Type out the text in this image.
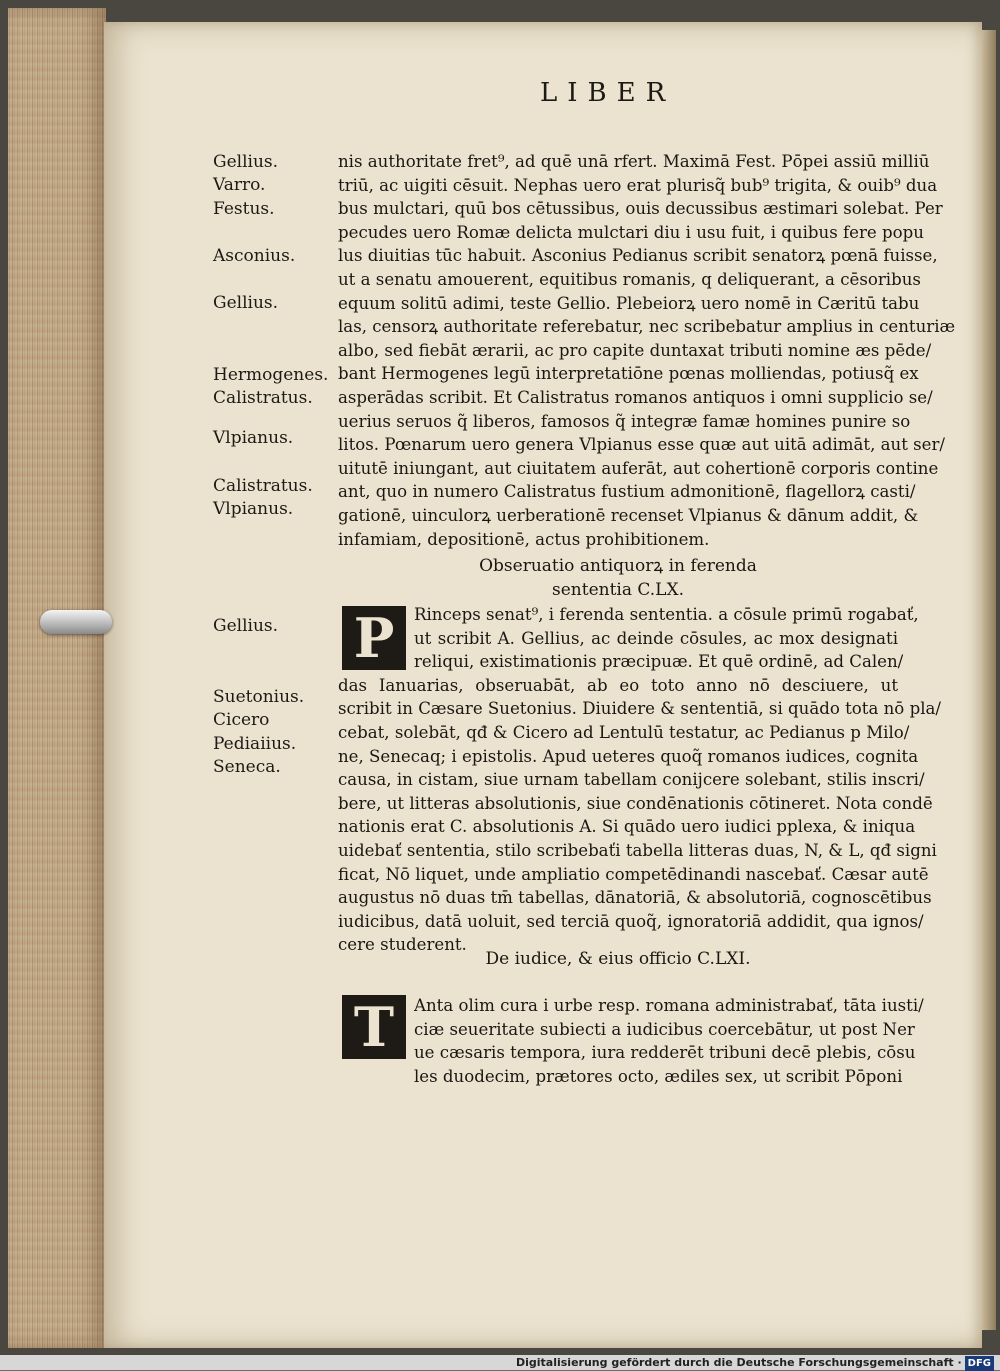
LIBER
Gellius.
Varro.
Festus.
Asconius.
Gellius.
Hermogenes.
Calistratus.
Vlpianus.
Calistratus.
Vlpianus.
Gellius.
Suetonius.
Cicero
Pediaiius.
Seneca.
nis authoritate fret⁹, ad quē unā rfert. Maximā Fest. Pōpei assiū milliū
triū, ac uigiti cēsuit. Nephas uero erat plurisq̃ bub⁹ trigita, & ouib⁹ dua
bus mulctari, quū bos cētussibus, ouis decussibus æstimari solebat. Per
pecudes uero Romæ delicta mulctari diu i usu fuit, i quibus fere popu
lus diuitias tūc habuit. Asconius Pedianus scribit senatorꝝ pœnā fuisse,
ut a senatu amouerent, equitibus romanis, q deliquerant, a cēsoribus
equum solitū adimi, teste Gellio. Plebeiorꝝ uero nomē in Cæritū tabu
las, censorꝝ authoritate referebatur, nec scribebatur amplius in centuriæ
albo, sed fiebāt ærarii, ac pro capite duntaxat tributi nomine æs pēde/
bant Hermogenes legū interpretatiōne pœnas molliendas, potiusq̃ ex
asperādas scribit. Et Calistratus romanos antiquos i omni supplicio se/
uerius seruos q̃ liberos, famosos q̃ integræ famæ homines punire so
litos. Pœnarum uero genera Vlpianus esse quæ aut uitā adimāt, aut ser/
uitutē iniungant, aut ciuitatem auferāt, aut cohertionē corporis contine
ant, quo in numero Calistratus fustium admonitionē, flagellorꝝ casti/
gationē, uinculorꝝ uerberationē recenset Vlpianus & dānum addit, &
infamiam, depositionē, actus prohibitionem.
Obseruatio antiquorꝝ in ferenda
sententia C.LX.
P	Rinceps senat⁹, i ferenda sententia. a cōsule primū rogabať,
ut scribit A. Gellius, ac deinde cōsules, ac mox designati
reliqui, existimationis præcipuæ. Et quē ordinē, ad Calen/
das Ianuarias, obseruabāt, ab eo toto anno nō desciuere, ut
scribit in Cæsare Suetonius. Diuidere & sententiā, si quādo tota nō pla/
cebat, solebāt, qđ & Cicero ad Lentulū testatur, ac Pedianus p Milo/
ne, Senecaq; i epistolis. Apud ueteres quoq̃ romanos iudices, cognita
causa, in cistam, siue urnam tabellam conijcere solebant, stilis inscri/
bere, ut litteras absolutionis, siue condēnationis cōtineret. Nota condē
nationis erat C. absolutionis A. Si quādo uero iudici pplexa, & iniqua
uidebať sententia, stilo scribebaťi tabella litteras duas, N, & L, qđ signi
ficat, Nō liquet, unde ampliatio competēdinandi nascebať. Cæsar autē
augustus nō duas tm̄ tabellas, dānatoriā, & absolutoriā, cognoscētibus
iudicibus, datā uoluit, sed terciā quoq̃, ignoratoriā addidit, qua ignos/
cere studerent.
De iudice, & eius officio C.LXI.
T	Anta olim cura i urbe resp. romana administrabať, tāta iusti/
ciæ seueritate subiecti a iudicibus coercebātur, ut post Ner
ue cæsaris tempora, iura redderēt tribuni decē plebis, cōsu
les duodecim, prætores octo, ædiles sex, ut scribit Pōponi
Digitalisierung gefördert durch die Deutsche Forschungsgemeinschaft · DFG
